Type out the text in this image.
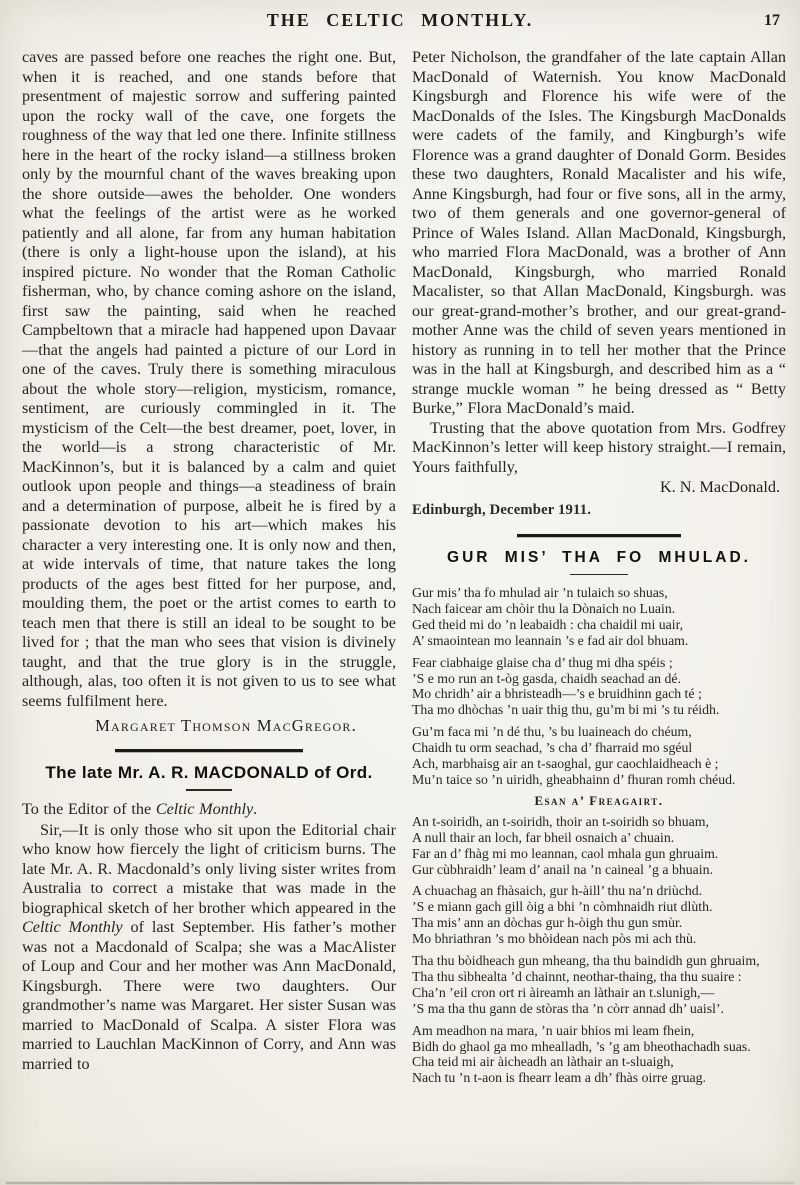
THE CELTIC MONTHLY.	17

caves are passed before one reaches the right one. But, when it is reached, and one stands before that presentment of majestic sorrow and suffering painted upon the rocky wall of the cave, one forgets the roughness of the way that led one there. Infinite stillness here in the heart of the rocky island—a stillness broken only by the mournful chant of the waves breaking upon the shore outside—awes the beholder. One wonders what the feelings of the artist were as he worked patiently and all alone, far from any human habitation (there is only a light-house upon the island), at his inspired picture. No wonder that the Roman Catholic fisherman, who, by chance coming ashore on the island, first saw the painting, said when he reached Campbeltown that a miracle had happened upon Davaar—that the angels had painted a picture of our Lord in one of the caves. Truly there is something miraculous about the whole story—religion, mysticism, romance, sentiment, are curiously commingled in it. The mysticism of the Celt—the best dreamer, poet, lover, in the world—is a strong characteristic of Mr. MacKinnon’s, but it is balanced by a calm and quiet outlook upon people and things—a steadiness of brain and a determination of purpose, albeit he is fired by a passionate devotion to his art—which makes his character a very interesting one. It is only now and then, at wide intervals of time, that nature takes the long products of the ages best fitted for her purpose, and, moulding them, the poet or the artist comes to earth to teach men that there is still an ideal to be sought to be lived for ; that the man who sees that vision is divinely taught, and that the true glory is in the struggle, although, alas, too often it is not given to us to see what seems fulfilment here.

Margaret Thomson MacGregor.
The late Mr. A. R. MACDONALD of Ord.

To the Editor of the Celtic Monthly.

Sir,—It is only those who sit upon the Editorial chair who know how fiercely the light of criticism burns. The late Mr. A. R. Macdonald’s only living sister writes from Australia to correct a mistake that was made in the biographical sketch of her brother which appeared in the Celtic Monthly of last September. His father’s mother was not a Macdonald of Scalpa; she was a MacAlister of Loup and Cour and her mother was Ann MacDonald, Kingsburgh. There were two daughters. Our grandmother’s name was Margaret. Her sister Susan was married to MacDonald of Scalpa. A sister Flora was married to Lauchlan MacKinnon of Corry, and Ann was married to

Peter Nicholson, the grandfaher of the late captain Allan MacDonald of Waternish. You know MacDonald Kingsburgh and Florence his wife were of the MacDonalds of the Isles. The Kingsburgh MacDonalds were cadets of the family, and Kingburgh’s wife Florence was a grand daughter of Donald Gorm. Besides these two daughters, Ronald Macalister and his wife, Anne Kingsburgh, had four or five sons, all in the army, two of them generals and one governor-general of Prince of Wales Island. Allan MacDonald, Kingsburgh, who married Flora MacDonald, was a brother of Ann MacDonald, Kingsburgh, who married Ronald Macalister, so that Allan MacDonald, Kingsburgh. was our great-grand-mother’s brother, and our great-grand-mother Anne was the child of seven years mentioned in history as running in to tell her mother that the Prince was in the hall at Kingsburgh, and described him as a “ strange muckle woman ” he being dressed as “ Betty Burke,” Flora MacDonald’s maid.

Trusting that the above quotation from Mrs. Godfrey MacKinnon’s letter will keep history straight.—I remain, Yours faithfully,

K. N. MacDonald.
Edinburgh, December 1911.
GUR MIS’ THA FO MHULAD.

Gur mis’ tha fo mhulad air ’n tulaich so shuas,
Nach faicear am chòir thu la Dònaich no Luain.
Ged theid mi do ’n leabaidh : cha chaidil mi uair,
A’ smaointean mo leannain ’s e fad air dol bhuam.

Fear ciabhaige glaise cha d’ thug mi dha spéis ;
’S e mo run an t-òg gasda, chaidh seachad an dé.
Mo chridh’ air a bhristeadh—’s e bruidhinn gach té ;
Tha mo dhòchas ’n uair thig thu, gu’m bi mi ’s tu réidh.

Gu’m faca mi ’n dé thu, ’s bu luaineach do chéum,
Chaidh tu orm seachad, ’s cha d’ fharraid mo sgéul
Ach, marbhaisg air an t-saoghal, gur caochlaidheach è ;
Mu’n taice so ’n uiridh, gheabhainn d’ fhuran romh chéud.

Esan a’ Freagairt.

An t-soiridh, an t-soiridh, thoir an t-soiridh so bhuam,
A null thair an loch, far bheil osnaich a’ chuain.
Far an d’ fhàg mi mo leannan, caol mhala gun ghruaim.
Gur cùbhraidh’ leam d’ anail na ’n caineal ’g a bhuain.

A chuachag an fhàsaich, gur h-àill’ thu na’n driùchd.
’S e miann gach gill òig a bhi ’n còmhnaidh riut dlùth.
Tha mis’ ann an dòchas gur h-òigh thu gun smùr.
Mo bhriathran ’s mo bhòidean nach pòs mi ach thù.

Tha thu bòidheach gun mheang, tha thu baindidh gun ghruaim,
Tha thu sìbhealta ’d chainnt, neothar-thaing, tha thu suaire :
Cha’n ’eil cron ort ri àireamh an làthair an t.slunigh,—
’S ma tha thu gann de stòras tha ’n còrr annad dh’ uaisl’.

Am meadhon na mara, ’n uair bhios mi leam fhein,
Bidh do ghaol ga mo mhealladh, ’s ’g am bheothachadh suas.
Cha teid mi air àicheadh an làthair an t-sluaigh,
Nach tu ’n t-aon is fhearr leam a dh’ fhàs oirre gruag.
